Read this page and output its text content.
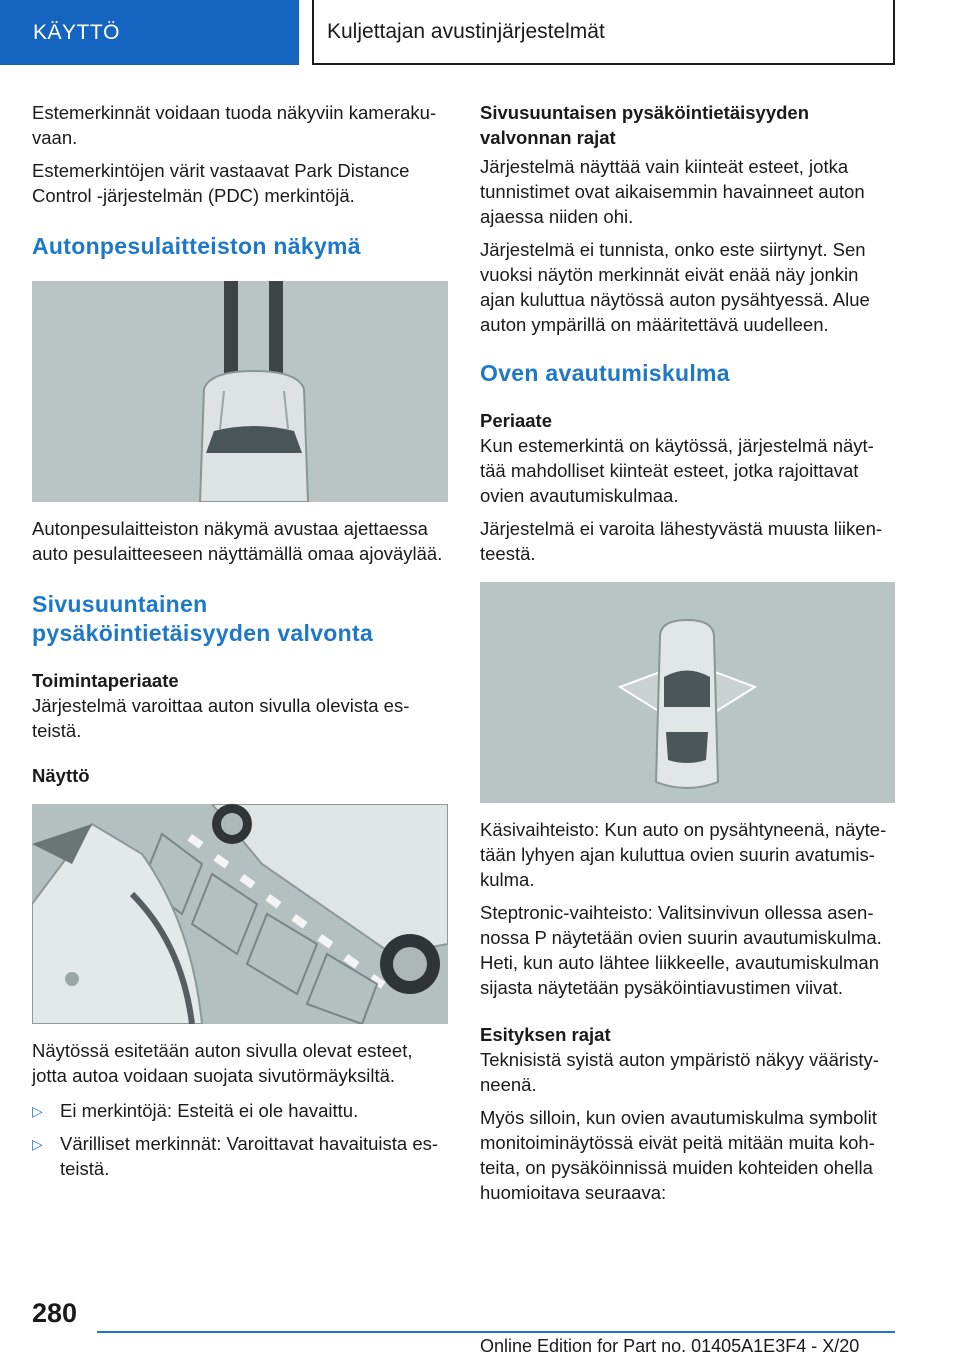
KÄYTTÖ	Kuljettajan avustinjärjestelmät

Estemerkinnät voidaan tuoda näkyviin kameraku-vaan.

Estemerkintöjen värit vastaavat Park Distance Control -järjestelmän (PDC) merkintöjä.

Autonpesulaitteiston näkymä

Autonpesulaitteiston näkymä avustaa ajettaessa auto pesulaitteeseen näyttämällä omaa ajoväylää.

Sivusuuntainen pysäköintietäisyyden valvonta
Toimintaperiaate

Järjestelmä varoittaa auton sivulla olevista es-teistä.

Näyttö

Näytössä esitetään auton sivulla olevat esteet, jotta autoa voidaan suojata sivutörmäyksiltä.

▷ Ei merkintöjä: Esteitä ei ole havaittu.
▷ Värilliset merkinnät: Varoittavat havaituista es-teistä.
Sivusuuntaisen pysäköintietäisyyden valvonnan rajat

Järjestelmä näyttää vain kiinteät esteet, jotka tunnistimet ovat aikaisemmin havainneet auton ajaessa niiden ohi.

Järjestelmä ei tunnista, onko este siirtynyt. Sen vuoksi näytön merkinnät eivät enää näy jonkin ajan kuluttua näytössä auton pysähtyessä. Alue auton ympärillä on määritettävä uudelleen.

Oven avautumiskulma
Periaate

Kun estemerkintä on käytössä, järjestelmä näyt-tää mahdolliset kiinteät esteet, jotka rajoittavat ovien avautumiskulmaa.

Järjestelmä ei varoita lähestyvästä muusta liiken-teestä.

Käsivaihteisto: Kun auto on pysähtyneenä, näyte-tään lyhyen ajan kuluttua ovien suurin avatumis-kulma.

Steptronic-vaihteisto: Valitsinvivun ollessa asen-nossa P näytetään ovien suurin avautumiskulma. Heti, kun auto lähtee liikkeelle, avautumiskulman sijasta näytetään pysäköintiavustimen viivat.

Esityksen rajat

Teknisistä syistä auton ympäristö näkyy vääristy-neenä.

Myös silloin, kun ovien avautumiskulma symbolit monitoiminäytössä eivät peitä mitään muita koh-teita, on pysäköinnissä muiden kohteiden ohella huomioitava seuraava:

280
Online Edition for Part no. 01405A1E3F4 - X/20
